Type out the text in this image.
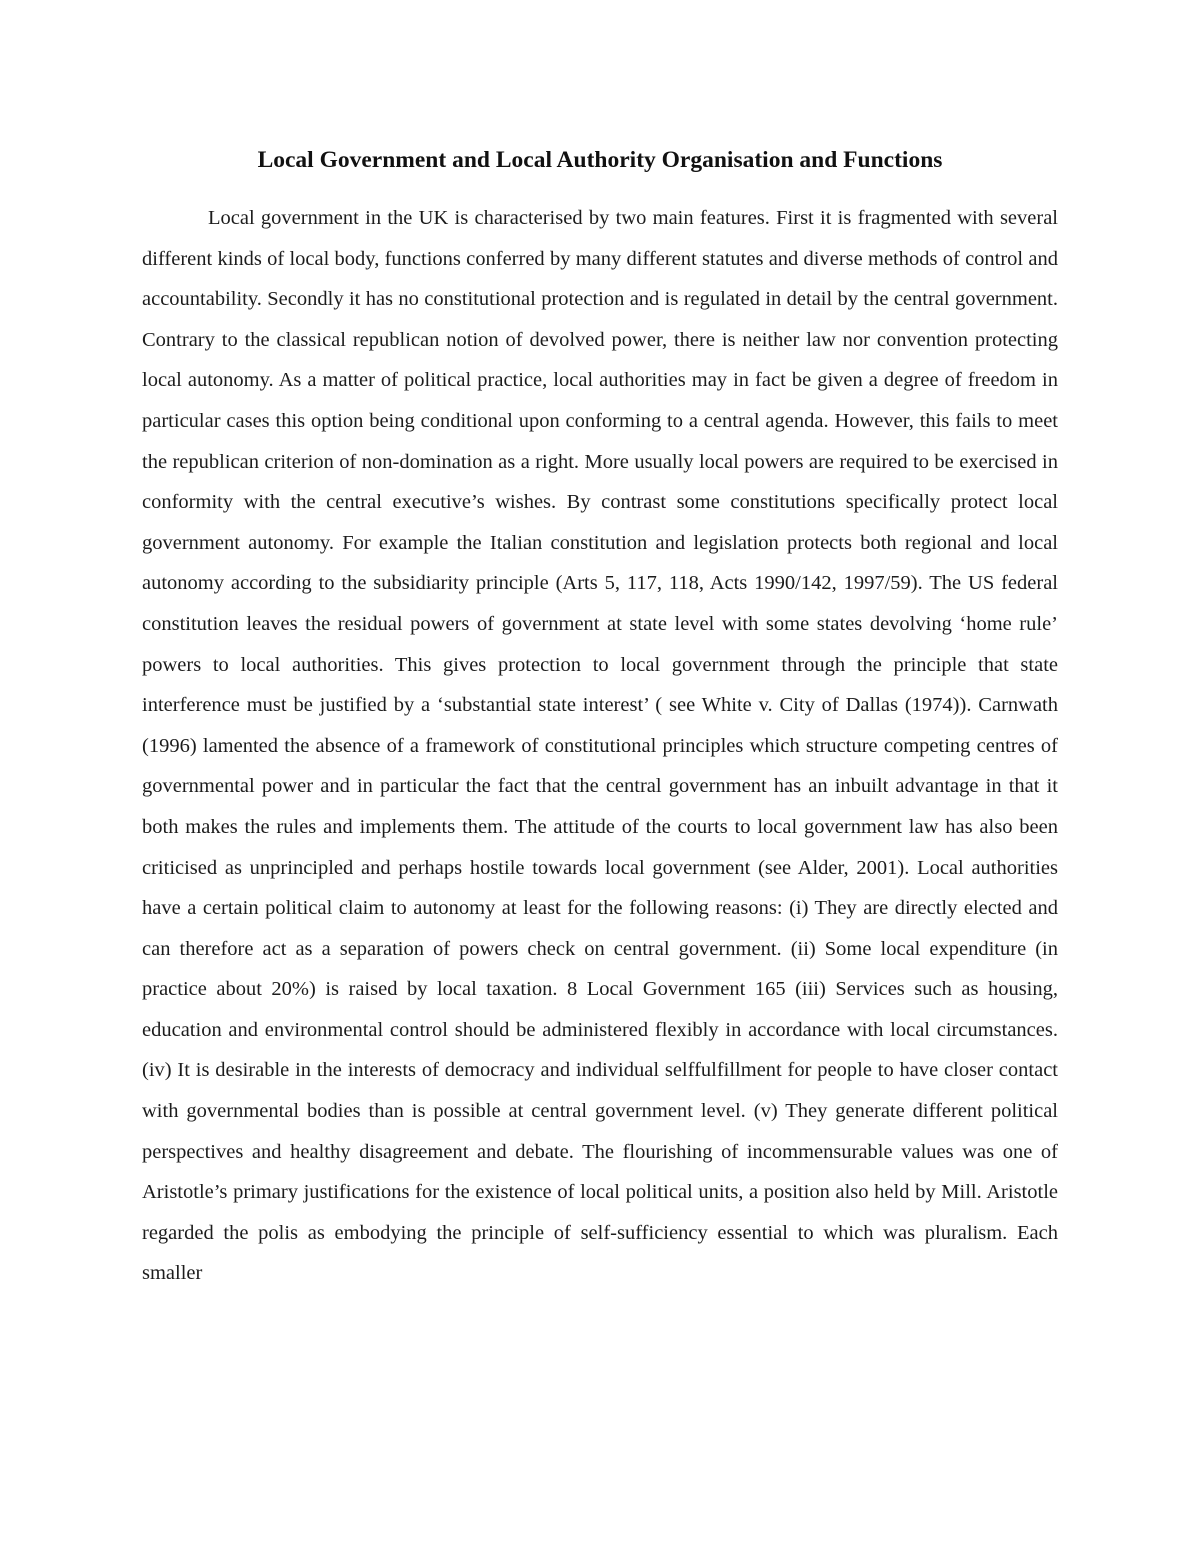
Local Government and Local Authority Organisation and Functions

Local government in the UK is characterised by two main features. First it is fragmented with several different kinds of local body, functions conferred by many different statutes and diverse methods of control and accountability. Secondly it has no constitutional protection and is regulated in detail by the central government. Contrary to the classical republican notion of devolved power, there is neither law nor convention protecting local autonomy. As a matter of political practice, local authorities may in fact be given a degree of freedom in particular cases this option being conditional upon conforming to a central agenda. However, this fails to meet the republican criterion of non-domination as a right. More usually local powers are required to be exercised in conformity with the central executive’s wishes. By contrast some constitutions specifically protect local government autonomy. For example the Italian constitution and legislation protects both regional and local autonomy according to the subsidiarity principle (Arts 5, 117, 118, Acts 1990/142, 1997/59). The US federal constitution leaves the residual powers of government at state level with some states devolving ‘home rule’ powers to local authorities. This gives protection to local government through the principle that state interference must be justified by a ‘substantial state interest’ ( see White v. City of Dallas (1974)). Carnwath (1996) lamented the absence of a framework of constitutional principles which structure competing centres of governmental power and in particular the fact that the central government has an inbuilt advantage in that it both makes the rules and implements them. The attitude of the courts to local government law has also been criticised as unprincipled and perhaps hostile towards local government (see Alder, 2001). Local authorities have a certain political claim to autonomy at least for the following reasons: (i) They are directly elected and can therefore act as a separation of powers check on central government. (ii) Some local expenditure (in practice about 20%) is raised by local taxation. 8 Local Government 165 (iii) Services such as housing, education and environmental control should be administered flexibly in accordance with local circumstances. (iv) It is desirable in the interests of democracy and individual selffulfillment for people to have closer contact with governmental bodies than is possible at central government level. (v) They generate different political perspectives and healthy disagreement and debate. The flourishing of incommensurable values was one of Aristotle’s primary justifications for the existence of local political units, a position also held by Mill. Aristotle regarded the polis as embodying the principle of self-sufficiency essential to which was pluralism. Each smaller
